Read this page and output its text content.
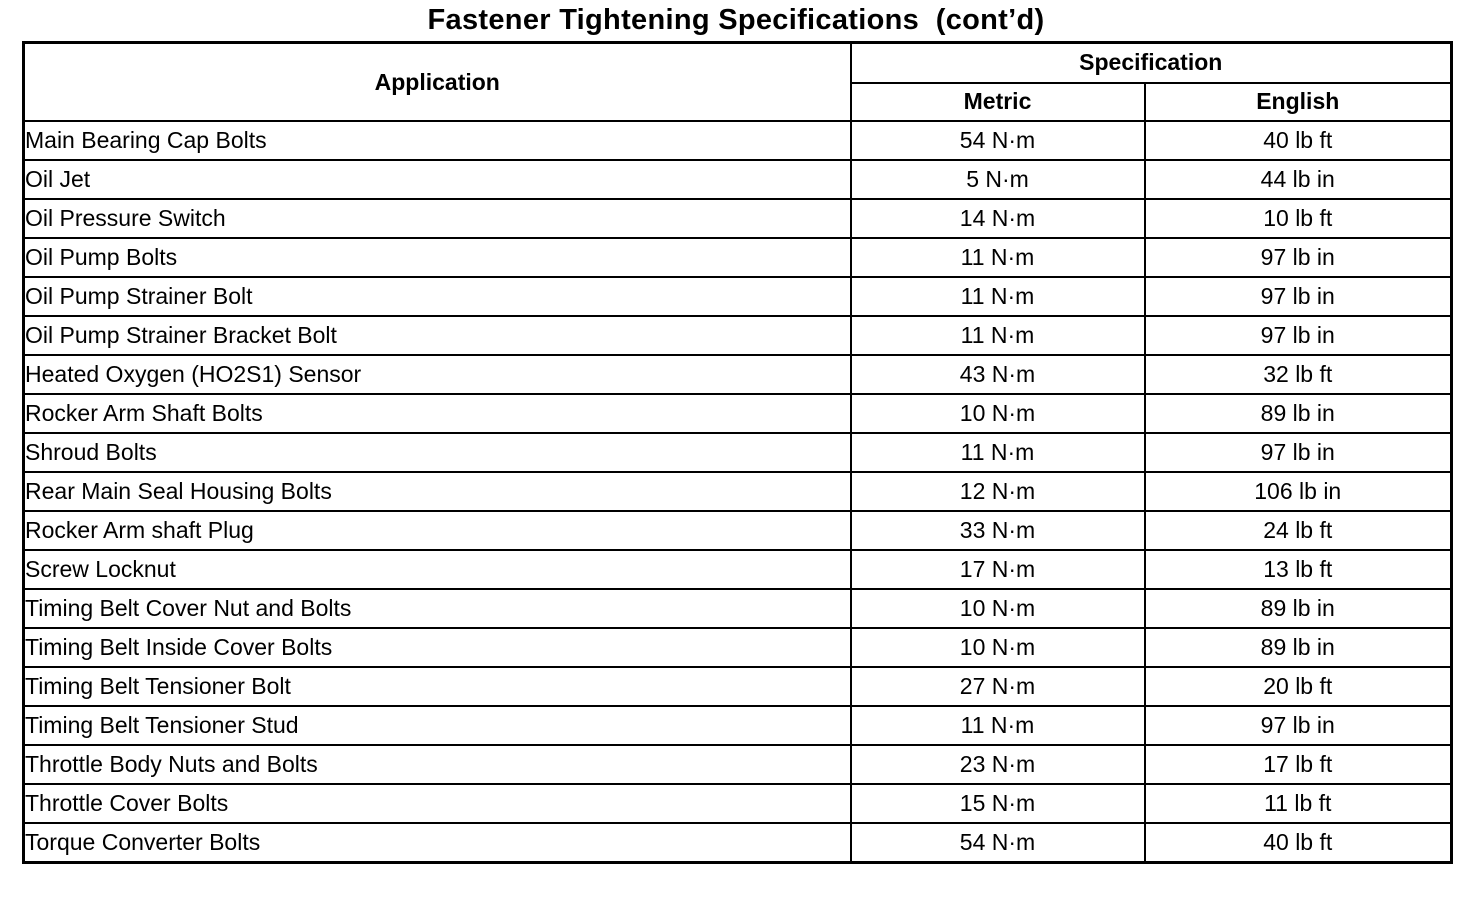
Fastener Tightening Specifications  (cont’d)
Application	Specification	
	Metric	English
Main Bearing Cap Bolts	54 N·m	40 lb ft
Oil Jet	5 N·m	44 lb in
Oil Pressure Switch	14 N·m	10 lb ft
Oil Pump Bolts	11 N·m	97 lb in
Oil Pump Strainer Bolt	11 N·m	97 lb in
Oil Pump Strainer Bracket Bolt	11 N·m	97 lb in
Heated Oxygen (HO2S1) Sensor	43 N·m	32 lb ft
Rocker Arm Shaft Bolts	10 N·m	89 lb in
Shroud Bolts	11 N·m	97 lb in
Rear Main Seal Housing Bolts	12 N·m	106 lb in
Rocker Arm shaft Plug	33 N·m	24 lb ft
Screw Locknut	17 N·m	13 lb ft
Timing Belt Cover Nut and Bolts	10 N·m	89 lb in
Timing Belt Inside Cover Bolts	10 N·m	89 lb in
Timing Belt Tensioner Bolt	27 N·m	20 lb ft
Timing Belt Tensioner Stud	11 N·m	97 lb in
Throttle Body Nuts and Bolts	23 N·m	17 lb ft
Throttle Cover Bolts	15 N·m	11 lb ft
Torque Converter Bolts	54 N·m	40 lb ft
